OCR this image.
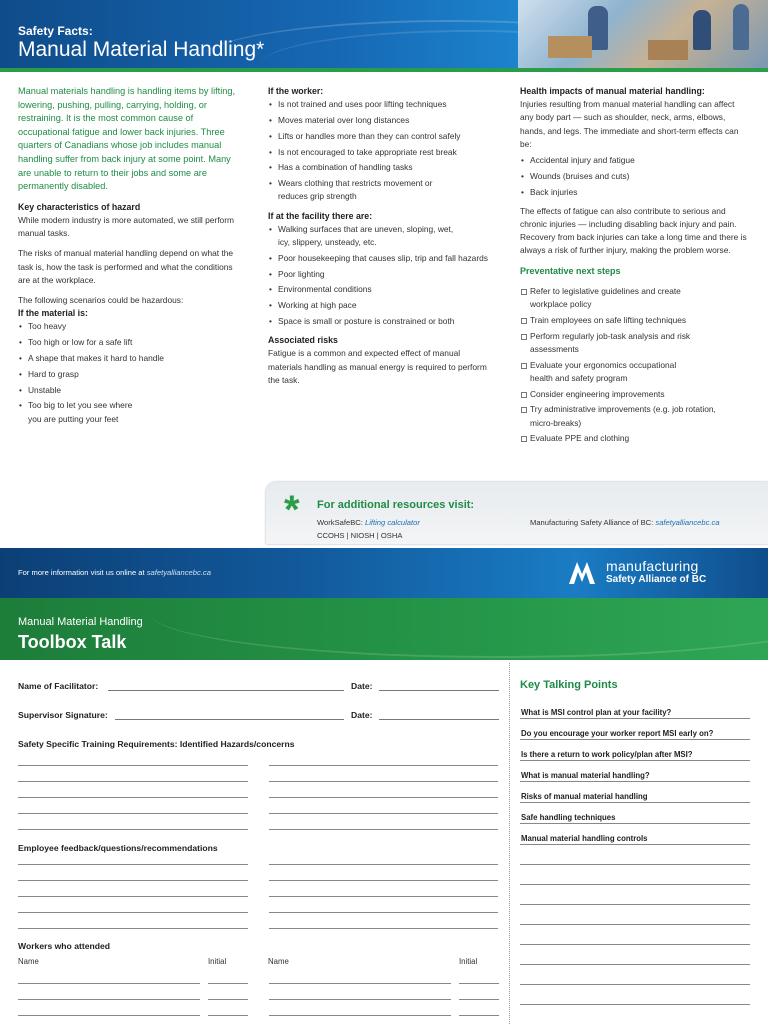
Safety Facts:
Manual Material Handling*

Manual materials handling is handling items by lifting, lowering, pushing, pulling, carrying, holding, or restraining. It is the most common cause of occupational fatigue and lower back injuries. Three quarters of Canadians whose job includes manual handling suffer from back injury at some point. Many are unable to return to their jobs and some are permanently disabled.

Key characteristics of hazard

While modern industry is more automated, we still perform manual tasks.

The risks of manual material handling depend on what the task is, how the task is performed and what the conditions are at the workplace.

The following scenarios could be hazardous:
If the material is:
• Too heavy
• Too high or low for a safe lift
• A shape that makes it hard to handle
• Hard to grasp
• Unstable
• Too big to let you see where you are putting your feet
If the worker:
• Is not trained and uses poor lifting techniques
• Moves material over long distances
• Lifts or handles more than they can control safely
• Is not encouraged to take appropriate rest break
• Has a combination of handling tasks
• Wears clothing that restricts movement or reduces grip strength
If at the facility there are:
• Walking surfaces that are uneven, sloping, wet, icy, slippery, unsteady, etc.
• Poor housekeeping that causes slip, trip and fall hazards
• Poor lighting
• Environmental conditions
• Working at high pace
• Space is small or posture is constrained or both
Associated risks

Fatigue is a common and expected effect of manual materials handling as manual energy is required to perform the task.

Health impacts of manual material handling:
Injuries resulting from manual material handling can affect any body part — such as shoulder, neck, arms, elbows, hands, and legs. The immediate and short-term effects can be:
• Accidental injury and fatigue
• Wounds (bruises and cuts)
• Back injuries

The effects of fatigue can also contribute to serious and chronic injuries — including disabling back injury and pain. Recovery from back injuries can take a long time and there is always a risk of further injury, making the problem worse.

Preventative next steps

Refer to legislative guidelines and create workplace policy
Train employees on safe lifting techniques
Perform regularly job-task analysis and risk assessments
Evaluate your ergonomics occupational health and safety program
Consider engineering improvements
Try administrative improvements (e.g. job rotation, micro-breaks)
Evaluate PPE and clothing
* For additional resources visit:
WorkSafeBC: Lifting calculator
CCOHS | NIOSH | OSHA
Manufacturing Safety Alliance of BC: safetyalliancebc.ca
For more information visit us online at safetyalliancebc.ca	manufacturing
Safety Alliance of BC
Manual Material Handling
Toolbox Talk
Name of Facilitator:	Date:
Supervisor Signature:	Date:
Safety Specific Training Requirements: Identified Hazards/concerns
Employee feedback/questions/recommendations
Workers who attended
Name	Initial	Name	Initial
Key Talking Points
What is MSI control plan at your facility?
Do you encourage your worker report MSI early on?
Is there a return to work policy/plan after MSI?
What is manual material handling?
Risks of manual material handling
Safe handling techniques
Manual material handling controls
